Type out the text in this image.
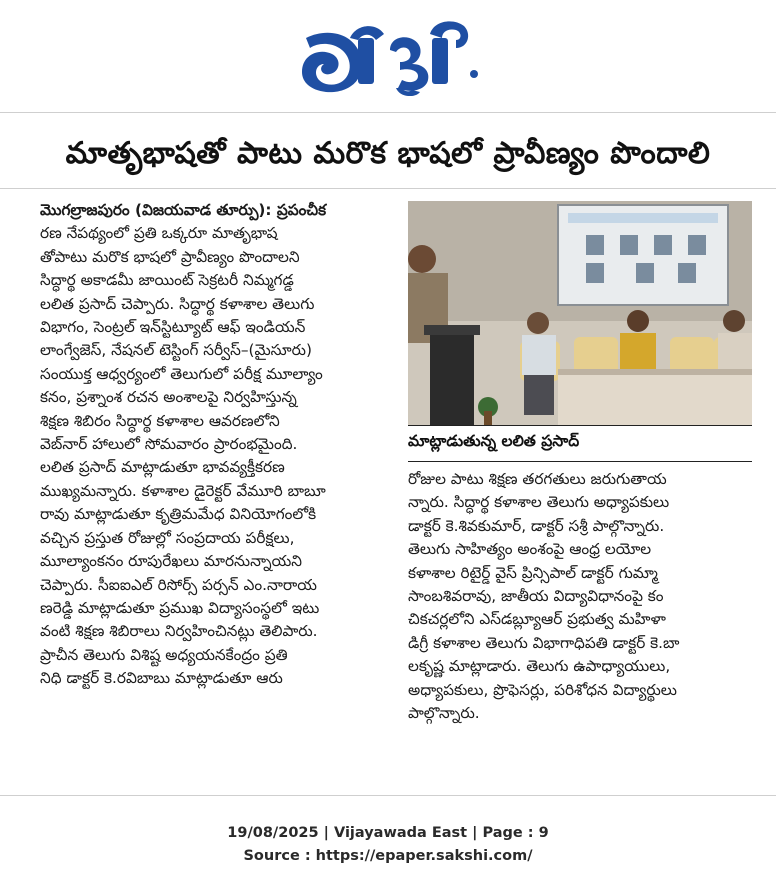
మాతృభాషతో పాటు మరొక భాషలో ప్రావీణ్యం పొందాలి
మొగల్రాజపురం (విజయవాడ తూర్పు): ప్రపంచీక
రణ నేపథ్యంలో ప్రతి ఒక్కరూ మాతృభాష
తోపాటు మరొక భాషలో ప్రావీణ్యం పొందాలని
సిద్ధార్థ అకాడమీ జాయింట్ సెక్రటరీ నిమ్మగడ్డ
లలిత ప్రసాద్ చెప్పారు. సిద్ధార్థ కళాశాల తెలుగు
విభాగం, సెంట్రల్ ఇన్‌స్టిట్యూట్ ఆఫ్ ఇండియన్
లాంగ్వేజెస్, నేషనల్ టెస్టింగ్ సర్వీస్–(మైసూరు)
సంయుక్త ఆధ్వర్యంలో తెలుగులో పరీక్ష మూల్యాం
కనం, ప్రశ్నాంశ రచన అంశాలపై నిర్వహిస్తున్న
శిక్షణ శిబిరం సిద్ధార్థ కళాశాల ఆవరణలోని
వెబ్‌నార్ హాలులో సోమవారం ప్రారంభమైంది.
లలిత ప్రసాద్ మాట్లాడుతూ భావవ్యక్తీకరణ
ముఖ్యమన్నారు. కళాశాల డైరెక్టర్ వేమూరి బాబూ
రావు మాట్లాడుతూ కృత్రిమమేధ వినియోగంలోకి
వచ్చిన ప్రస్తుత రోజుల్లో సంప్రదాయ పరీక్షలు,
మూల్యాంకనం రూపురేఖలు మారనున్నాయని
చెప్పారు. సీఐఐఎల్ రిసోర్స్ పర్సన్ ఎం.నారాయ
ణరెడ్డి మాట్లాడుతూ ప్రముఖ విద్యాసంస్థలో ఇటు
వంటి శిక్షణ శిబిరాలు నిర్వహించినట్లు తెలిపారు.
ప్రాచీన తెలుగు విశిష్ట అధ్యయనకేంద్రం ప్రతి
నిధి డాక్టర్ కె.రవిబాబు మాట్లాడుతూ ఆరు
మాట్లాడుతున్న లలిత ప్రసాద్
రోజుల పాటు శిక్షణ తరగతులు జరుగుతాయ
న్నారు. సిద్ధార్థ కళాశాల తెలుగు అధ్యాపకులు
డాక్టర్ కె.శివకుమార్, డాక్టర్ సశ్రీ పాల్గొన్నారు.
తెలుగు సాహిత్యం అంశంపై ఆంధ్ర లయోల
కళాశాల రిటైర్డ్ వైస్ ప్రిన్సిపాల్ డాక్టర్ గుమ్మా
సాంబశివరావు, జాతీయ విద్యావిధానంపై కం
చికచర్లలోని ఎస్‌డబ్ల్యూఆర్ ప్రభుత్వ మహిళా
డిగ్రీ కళాశాల తెలుగు విభాగాధిపతి డాక్టర్ కె.బా
లకృష్ణ మాట్లాడారు. తెలుగు ఉపాధ్యాయులు,
అధ్యాపకులు, ప్రొఫెసర్లు, పరిశోధన విద్యార్థులు
పాల్గొన్నారు.
19/08/2025 | Vijayawada East | Page : 9
Source : https://epaper.sakshi.com/
